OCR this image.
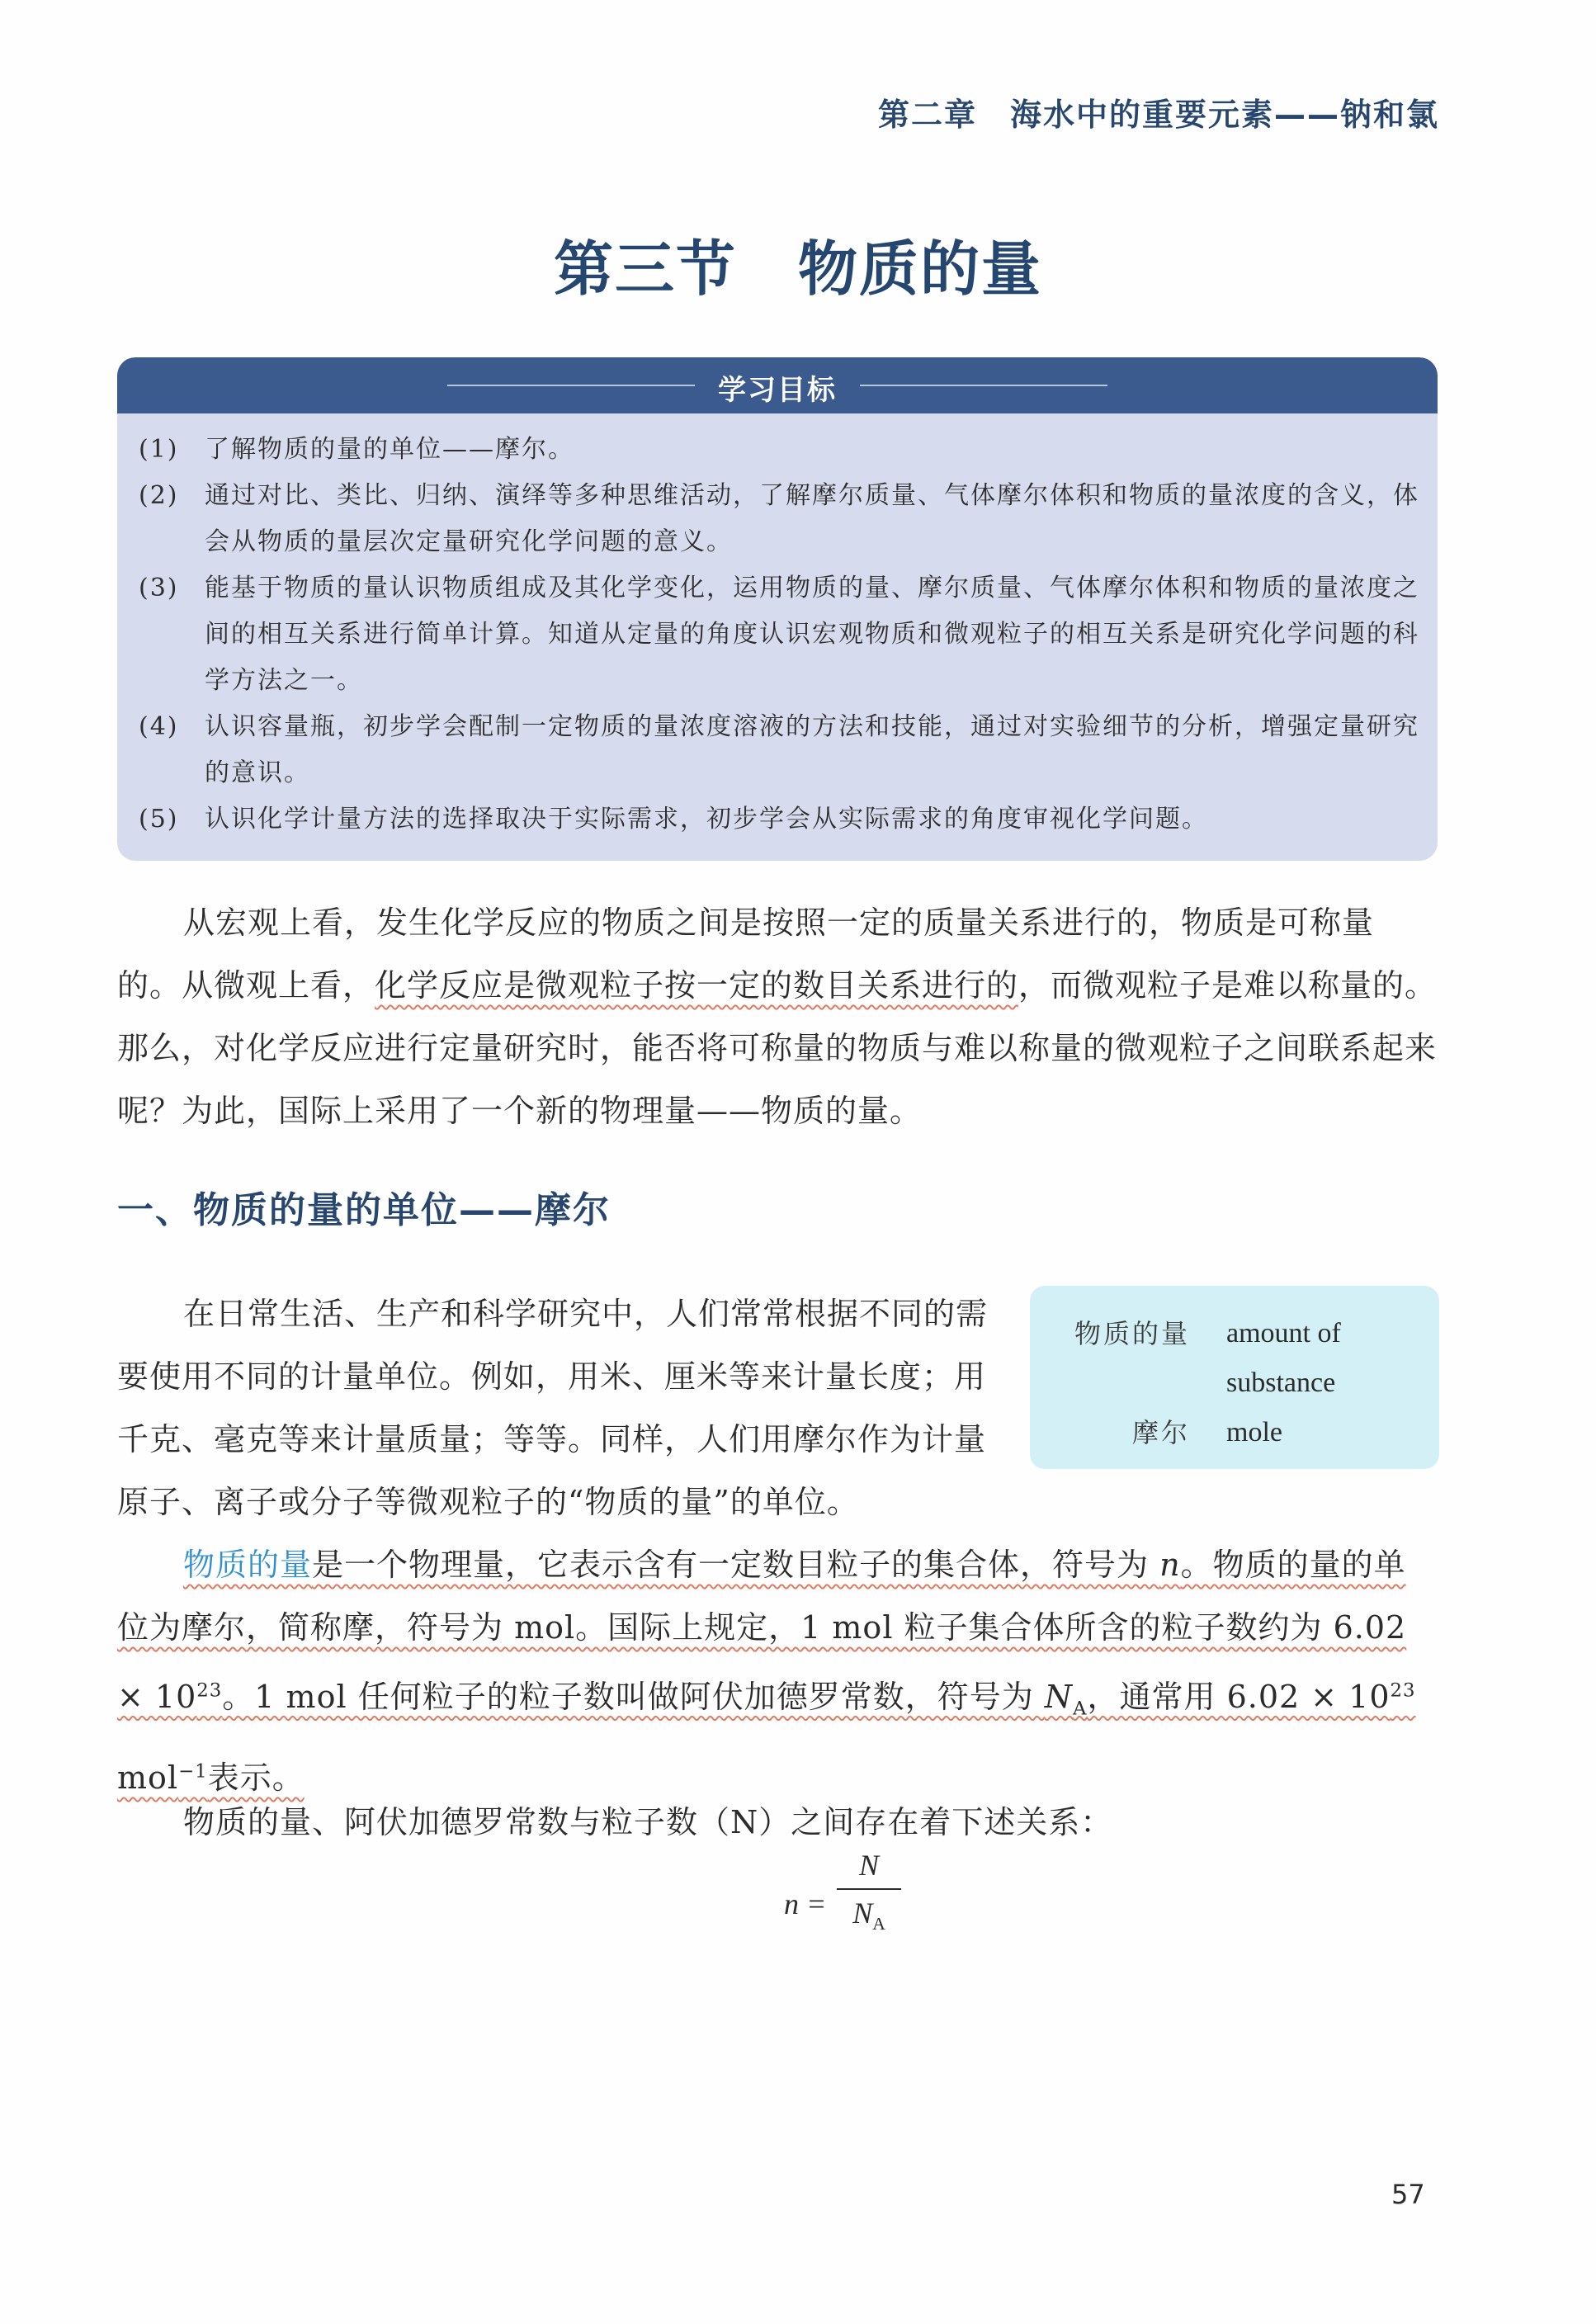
第二章　海水中的重要元素——钠和氯
第三节　物质的量
学习目标
(1) 了解物质的量的单位——摩尔。
(2) 通过对比、类比、归纳、演绎等多种思维活动，了解摩尔质量、气体摩尔体积和物质的量浓度的含义，体会从物质的量层次定量研究化学问题的意义。
(3) 能基于物质的量认识物质组成及其化学变化，运用物质的量、摩尔质量、气体摩尔体积和物质的量浓度之间的相互关系进行简单计算。知道从定量的角度认识宏观物质和微观粒子的相互关系是研究化学问题的科学方法之一。
(4) 认识容量瓶，初步学会配制一定物质的量浓度溶液的方法和技能，通过对实验细节的分析，增强定量研究的意识。
(5) 认识化学计量方法的选择取决于实际需求，初步学会从实际需求的角度审视化学问题。
从宏观上看，发生化学反应的物质之间是按照一定的质量关系进行的，物质是可称量的。从微观上看，化学反应是微观粒子按一定的数目关系进行的，而微观粒子是难以称量的。那么，对化学反应进行定量研究时，能否将可称量的物质与难以称量的微观粒子之间联系起来呢？为此，国际上采用了一个新的物理量——物质的量。
一、物质的量的单位——摩尔
在日常生活、生产和科学研究中，人们常常根据不同的需要使用不同的计量单位。例如，用米、厘米等来计量长度；用千克、毫克等来计量质量；等等。同样，人们用摩尔作为计量原子、离子或分子等微观粒子的“物质的量”的单位。
物质的量 amount of
substance
摩尔 mole
物质的量是一个物理量，它表示含有一定数目粒子的集合体，符号为 n。物质的量的单位为摩尔，简称摩，符号为 mol。国际上规定，1 mol 粒子集合体所含的粒子数约为 $6.02 \times 10^{23}$。1 mol 任何粒子的粒子数叫做阿伏加德罗常数，符号为 $N_A$，通常用 $6.02 \times 10^{23}$ mol$^{-1}$表示。
物质的量、阿伏加德罗常数与粒子数（N）之间存在着下述关系：
n =
N
$N_A$
57
